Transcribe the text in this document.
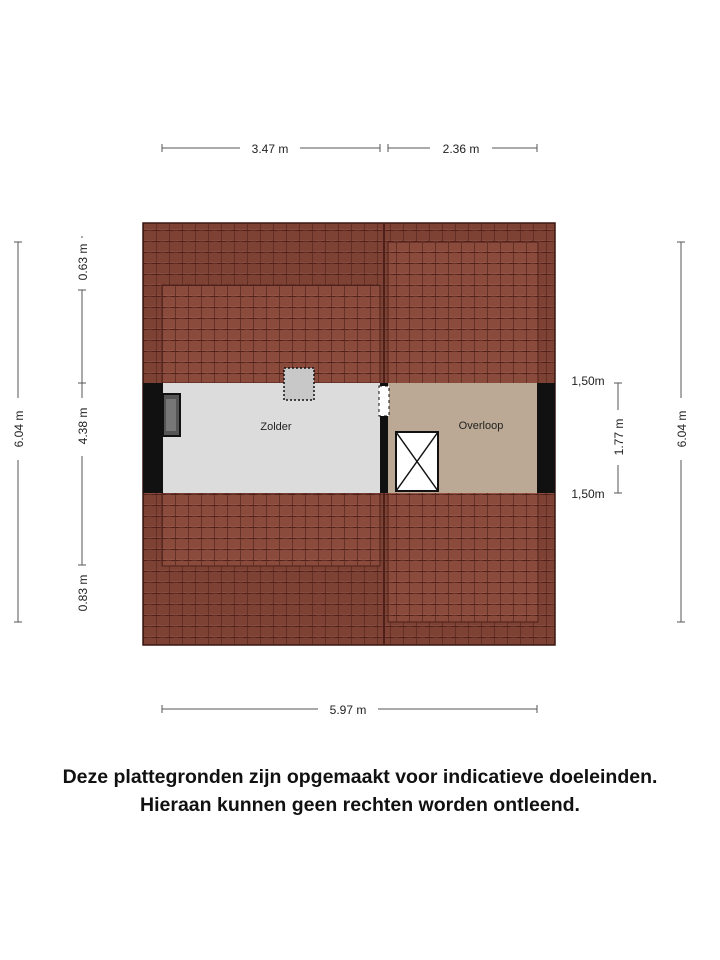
Zolder	Overloop
3.47 m	2.36 m
5.97 m
6.04 m
0.63 m
4.38 m
0.83 m
6.04 m
1.77 m
1,50m
1,50m
Deze plattegronden zijn opgemaakt voor indicatieve doeleinden.
Hieraan kunnen geen rechten worden ontleend.
